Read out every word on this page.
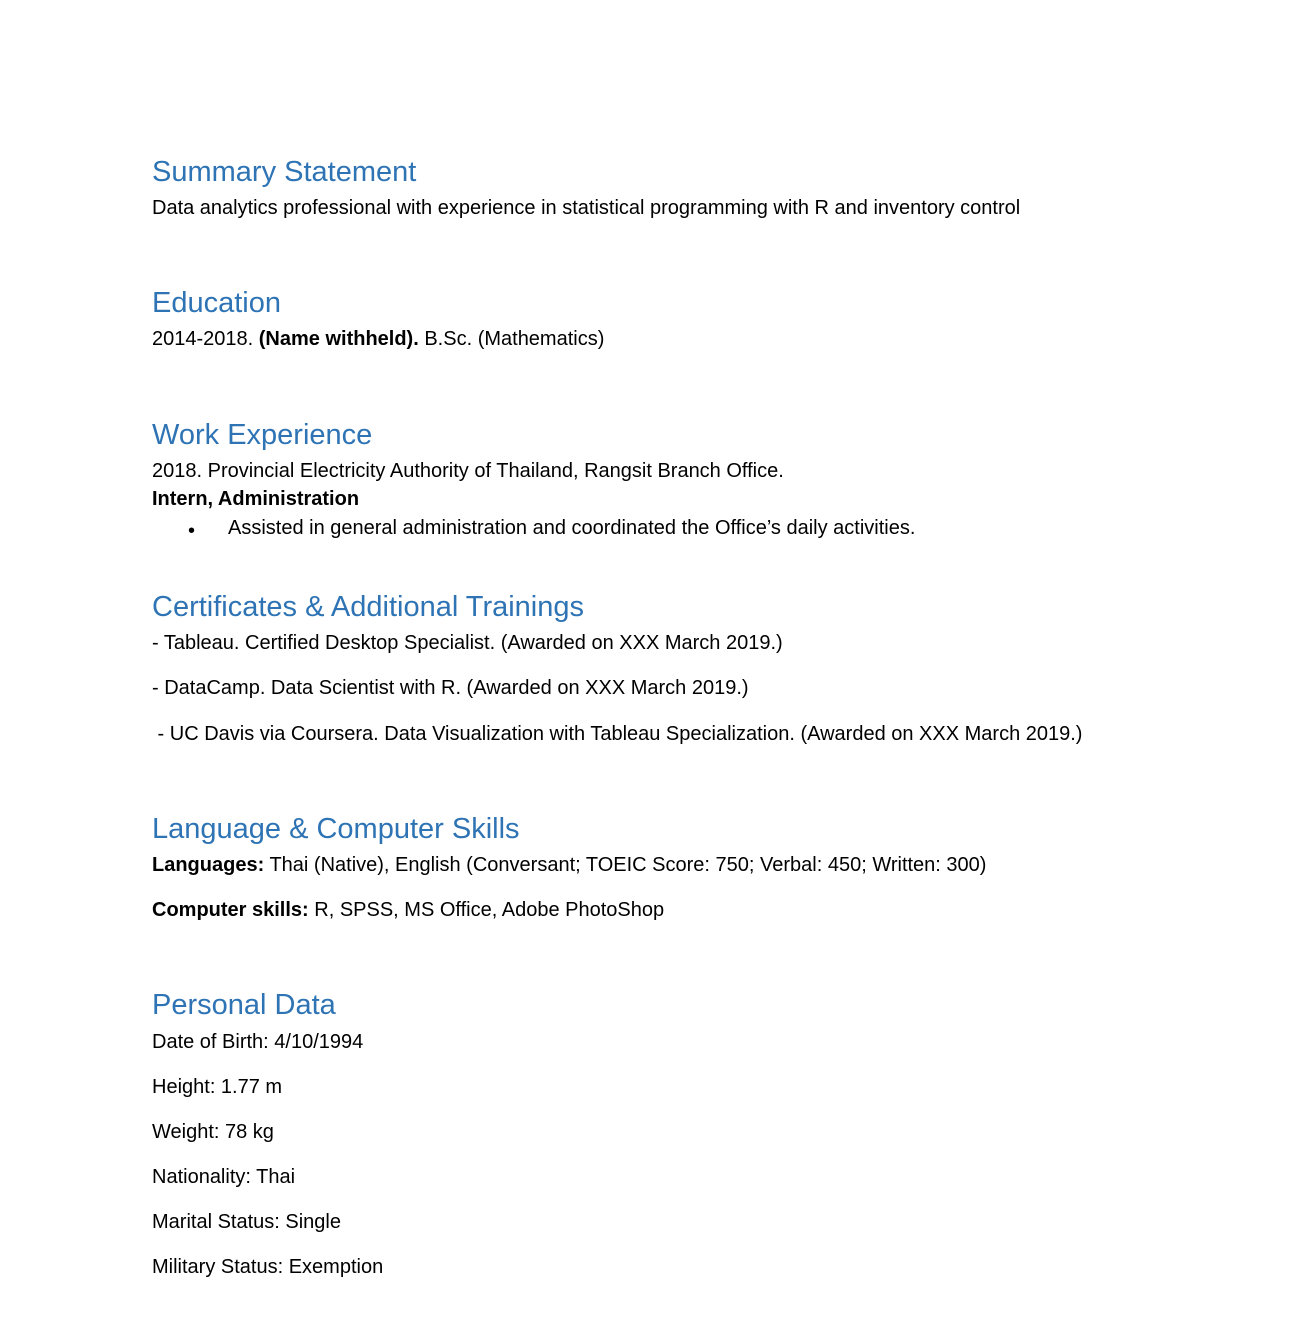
Summary Statement

Data analytics professional with experience in statistical programming with R and inventory control

Education

2014-2018. (Name withheld). B.Sc. (Mathematics)

Work Experience

2018. Provincial Electricity Authority of Thailand, Rangsit Branch Office.

Intern, Administration

• Assisted in general administration and coordinated the Office’s daily activities.

Certificates & Additional Trainings

- Tableau. Certified Desktop Specialist. (Awarded on XXX March 2019.)

- DataCamp. Data Scientist with R. (Awarded on XXX March 2019.)

- UC Davis via Coursera. Data Visualization with Tableau Specialization. (Awarded on XXX March 2019.)

Language & Computer Skills

Languages: Thai (Native), English (Conversant; TOEIC Score: 750; Verbal: 450; Written: 300)

Computer skills: R, SPSS, MS Office, Adobe PhotoShop

Personal Data

Date of Birth: 4/10/1994

Height: 1.77 m

Weight: 78 kg

Nationality: Thai

Marital Status: Single

Military Status: Exemption
